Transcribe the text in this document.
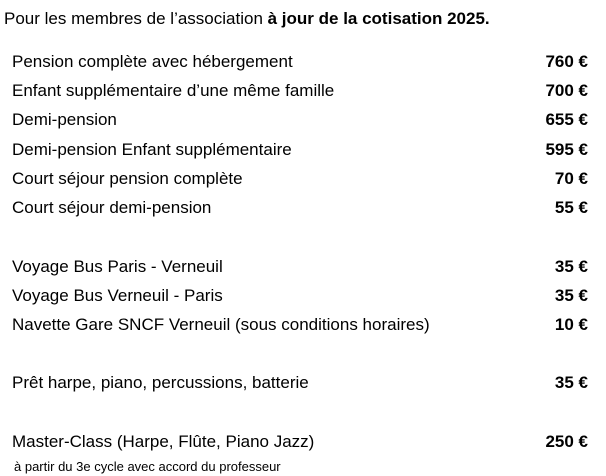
Pour les membres de l’association à jour de la cotisation 2025.
Pension complète avec hébergement	760 €
Enfant supplémentaire d’une même famille	700 €
Demi-pension	655 €
Demi-pension Enfant supplémentaire	595 €
Court séjour pension complète	70 €
Court séjour demi-pension	55 €
Voyage Bus Paris - Verneuil	35 €
Voyage Bus Verneuil - Paris	35 €
Navette Gare SNCF Verneuil (sous conditions horaires)	10 €
Prêt harpe, piano, percussions, batterie	35 €
Master-Class (Harpe, Flûte, Piano Jazz)	250 €
à partir du 3e cycle avec accord du professeur
